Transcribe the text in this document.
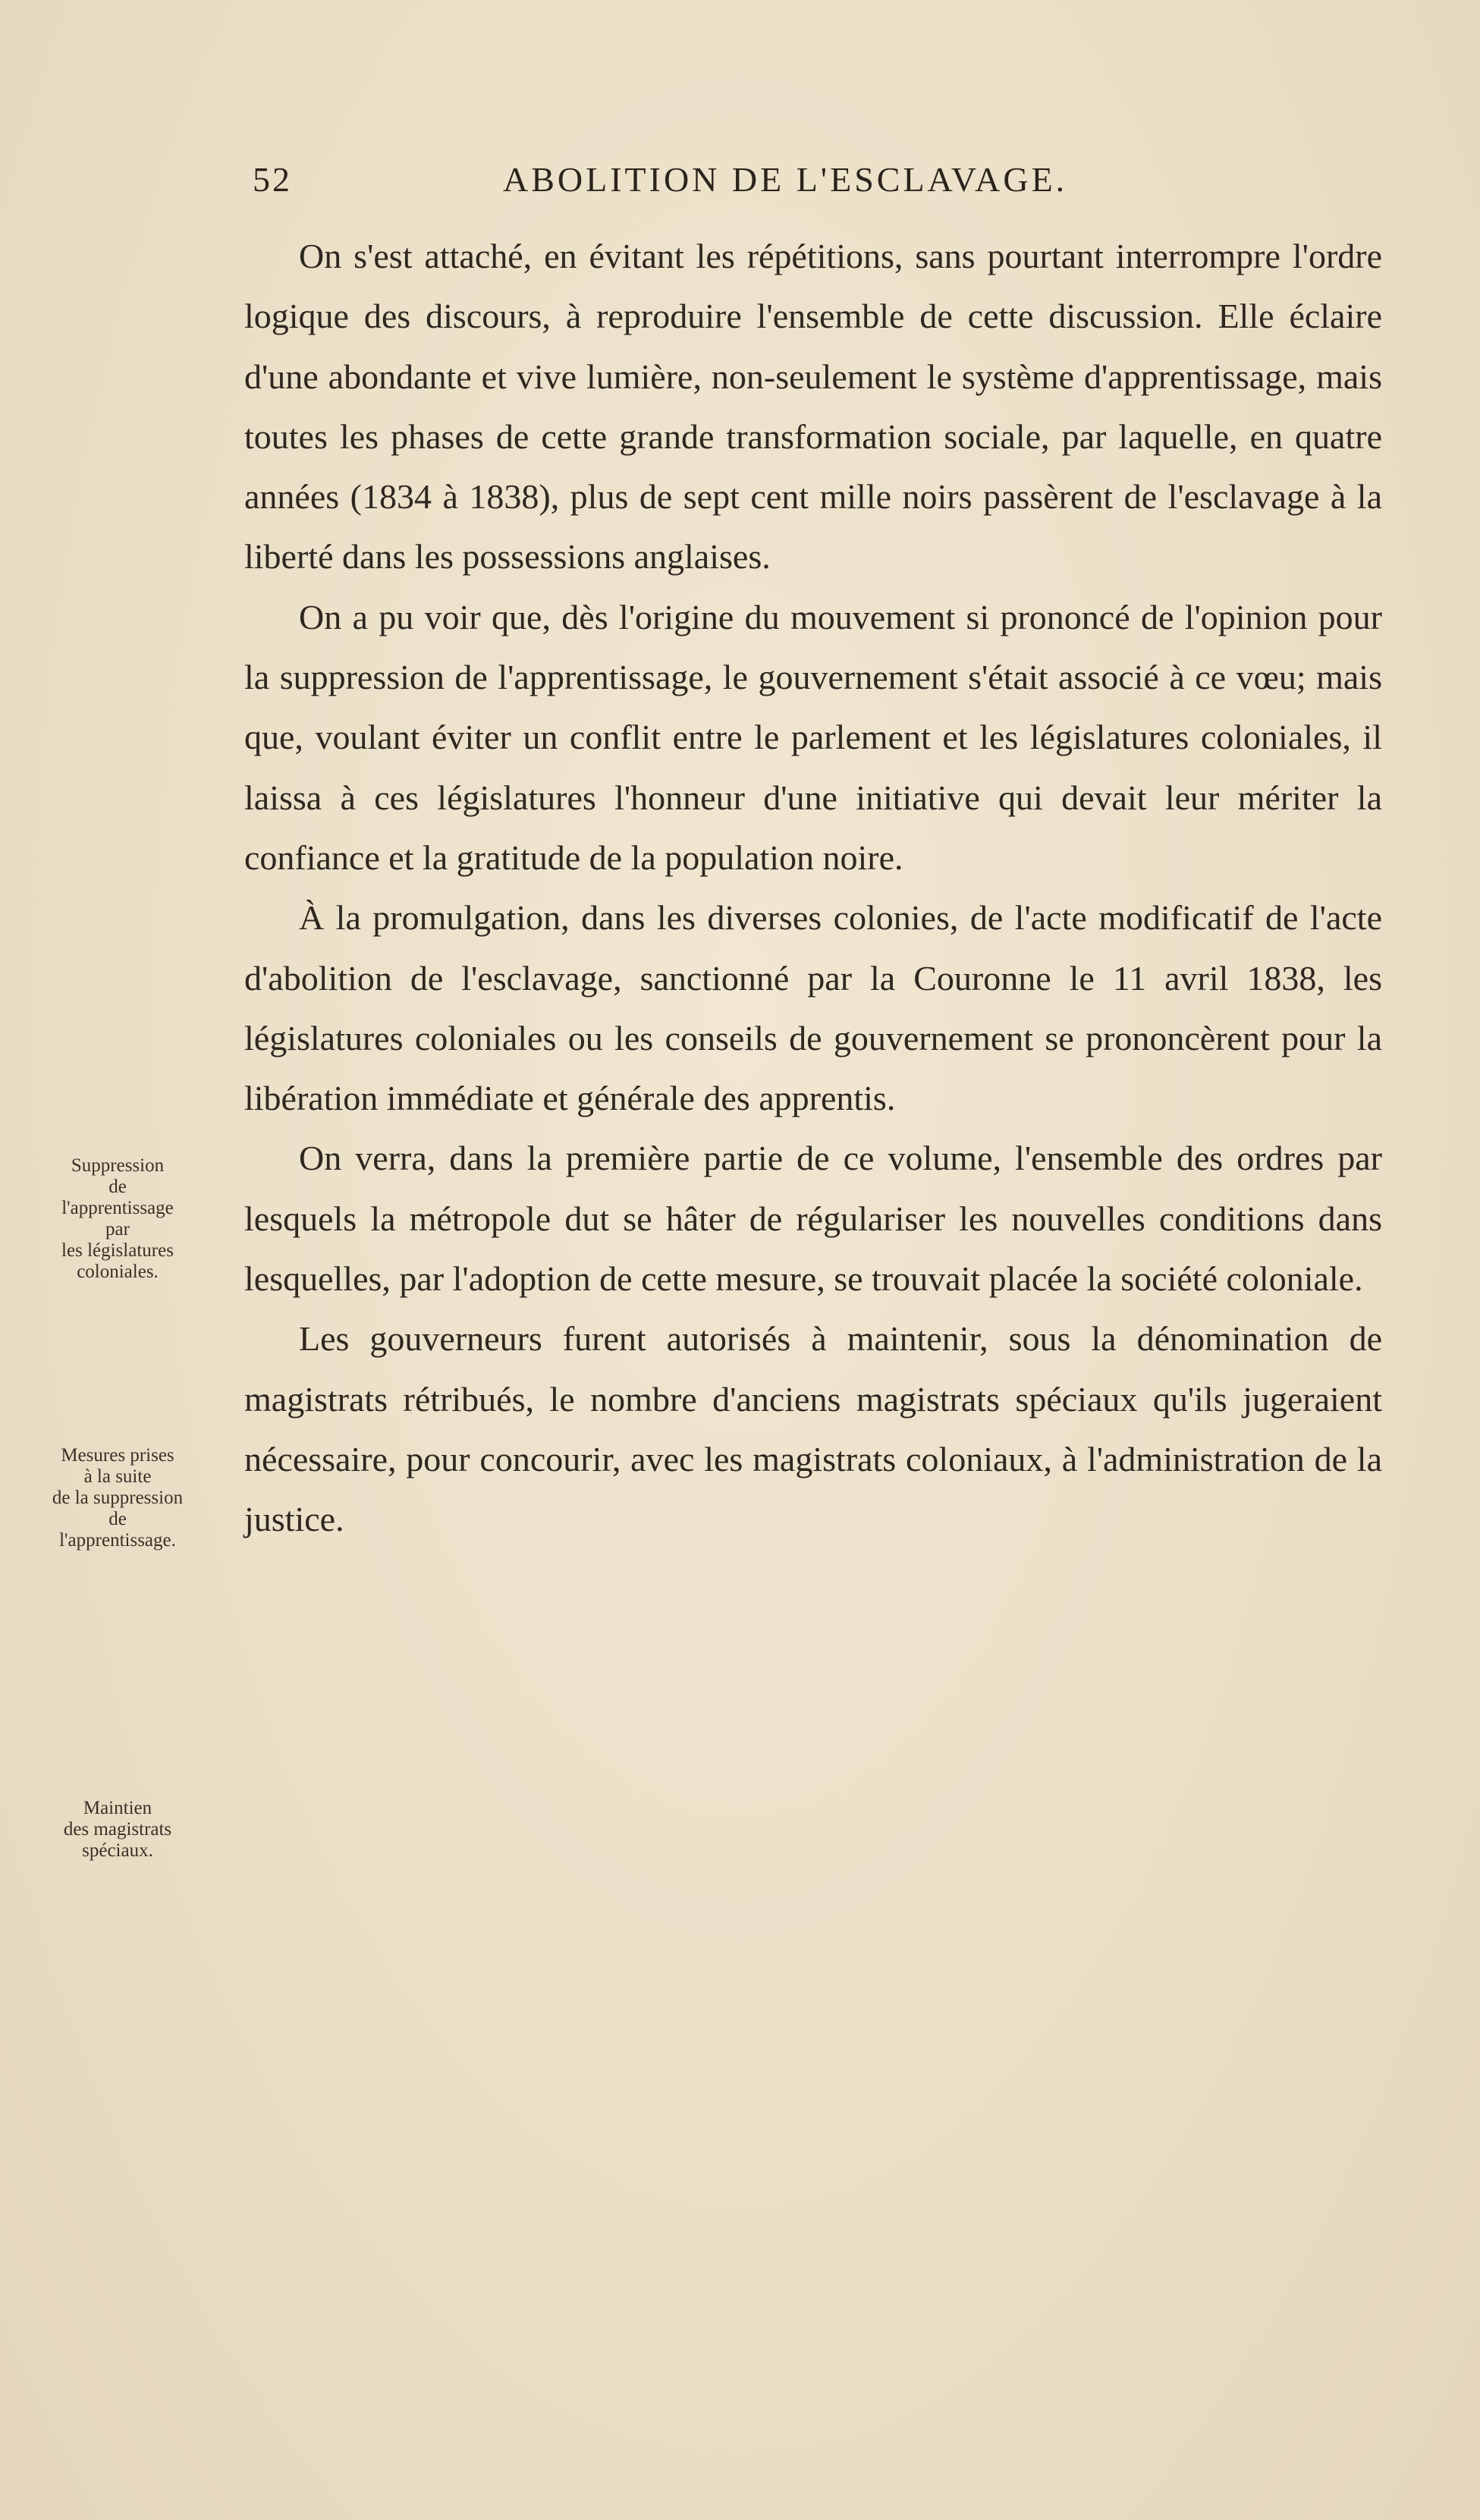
52	ABOLITION DE L'ESCLAVAGE.

On s'est attaché, en évitant les répétitions, sans pourtant interrompre l'ordre logique des discours, à reproduire l'ensemble de cette discussion. Elle éclaire d'une abondante et vive lumière, non-seulement le système d'apprentissage, mais toutes les phases de cette grande transformation sociale, par laquelle, en quatre années (1834 à 1838), plus de sept cent mille noirs passèrent de l'esclavage à la liberté dans les possessions anglaises.

On a pu voir que, dès l'origine du mouvement si prononcé de l'opinion pour la suppression de l'apprentissage, le gouvernement s'était associé à ce vœu; mais que, voulant éviter un conflit entre le parlement et les législatures coloniales, il laissa à ces législatures l'honneur d'une initiative qui devait leur mériter la confiance et la gratitude de la population noire.

À la promulgation, dans les diverses colonies, de l'acte modificatif de l'acte d'abolition de l'esclavage, sanctionné par la Couronne le 11 avril 1838, les législatures coloniales ou les conseils de gouvernement se prononcèrent pour la libération immédiate et générale des apprentis.

On verra, dans la première partie de ce volume, l'ensemble des ordres par lesquels la métropole dut se hâter de régulariser les nouvelles conditions dans lesquelles, par l'adoption de cette mesure, se trouvait placée la société coloniale.

Les gouverneurs furent autorisés à maintenir, sous la dénomination de magistrats rétribués, le nombre d'anciens magistrats spéciaux qu'ils jugeraient nécessaire, pour concourir, avec les magistrats coloniaux, à l'administration de la justice.

Suppression
de
l'apprentissage
par
les législatures
coloniales.
Mesures prises
à la suite
de la suppression
de
l'apprentissage.
Maintien
des magistrats
spéciaux.
